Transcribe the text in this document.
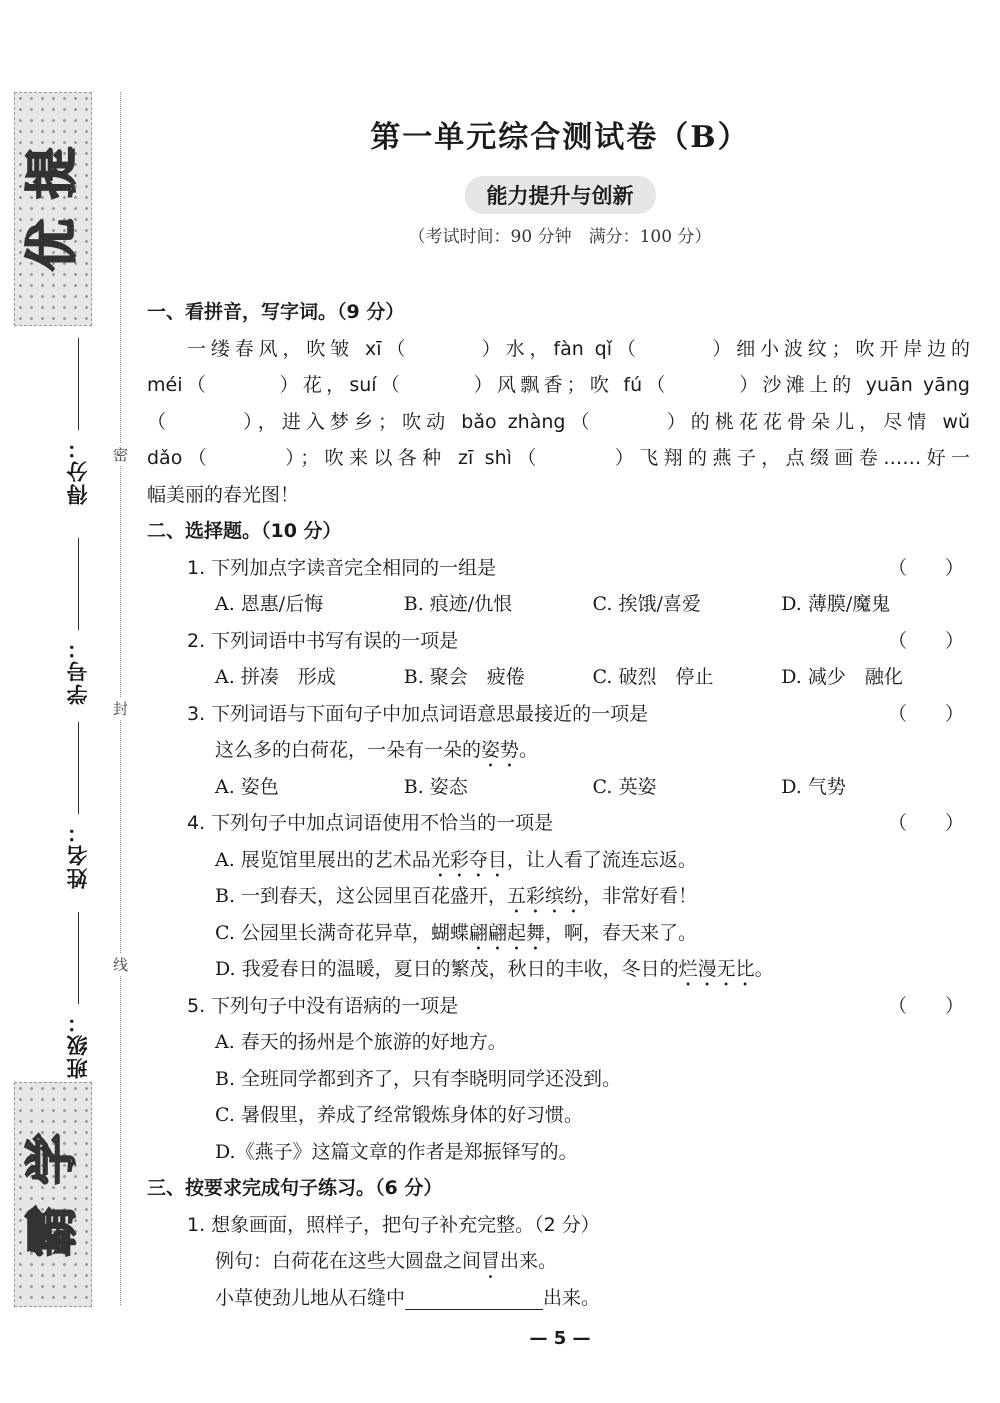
提
优
学
霸
密
封
线
得分：
学号：
姓名：
班级：
第一单元综合测试卷（B）
能力提升与创新
（考试时间：90 分钟　满分：100 分）
一、看拼音，写字词。（9 分）
一缕春风，吹皱 xī（　　　）水，fàn qǐ（　　　）细小波纹；吹开岸边的
méi（　　　）花，suí（　　　）风飘香；吹 fú（　　　）沙滩上的 yuān yāng
（　　　），进入梦乡；吹动 bǎo zhàng（　　　）的桃花花骨朵儿，尽情 wǔ
dǎo（　　　）；吹来以各种 zī shì（　　　）飞翔的燕子，点缀画卷……好一
幅美丽的春光图！
二、选择题。（10 分）
1. 下列加点字读音完全相同的一组是	（　　）
A. 恩惠/后悔	B. 痕迹/仇恨	C. 挨饿/喜爱	D. 薄膜/魔鬼
2. 下列词语中书写有误的一项是	（　　）
A. 拼凑　形成	B. 聚会　疲倦	C. 破烈　停止	D. 减少　融化
3. 下列词语与下面句子中加点词语意思最接近的一项是	（　　）
这么多的白荷花，一朵有一朵的姿势。
A. 姿色	B. 姿态	C. 英姿	D. 气势
4. 下列句子中加点词语使用不恰当的一项是	（　　）
A. 展览馆里展出的艺术品光彩夺目，让人看了流连忘返。
B. 一到春天，这公园里百花盛开，五彩缤纷，非常好看！
C. 公园里长满奇花异草，蝴蝶翩翩起舞，啊，春天来了。
D. 我爱春日的温暖，夏日的繁茂，秋日的丰收，冬日的烂漫无比。
5. 下列句子中没有语病的一项是	（　　）
A. 春天的扬州是个旅游的好地方。
B. 全班同学都到齐了，只有李晓明同学还没到。
C. 暑假里，养成了经常锻炼身体的好习惯。
D.《燕子》这篇文章的作者是郑振铎写的。
三、按要求完成句子练习。（6 分）
1. 想象画面，照样子，把句子补充完整。（2 分）
例句：白荷花在这些大圆盘之间冒出来。
小草使劲儿地从石缝中	出来。
— 5 —
